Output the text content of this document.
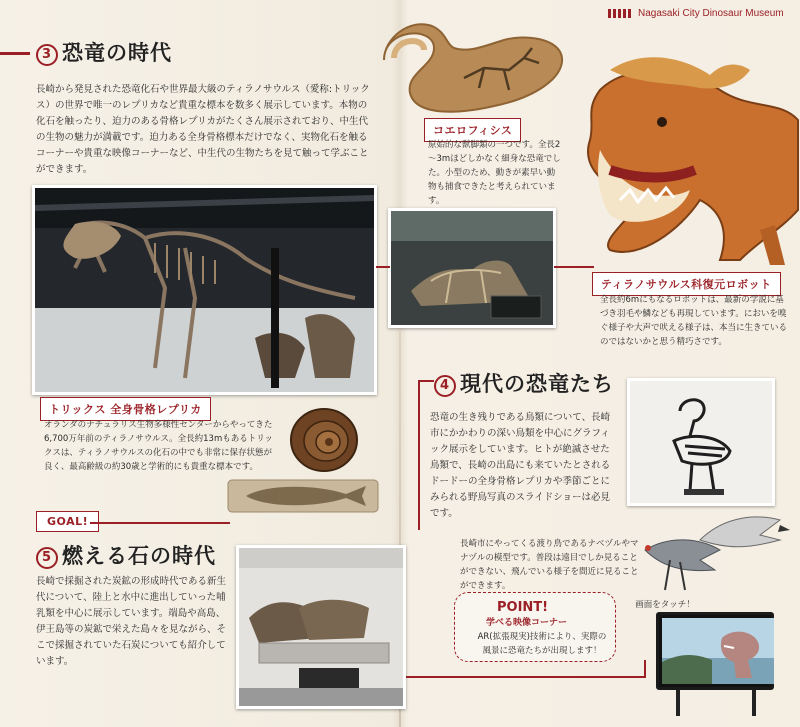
Nagasaki City Dinosaur Museum
3 恐竜の時代
長崎から発見された恐竜化石や世界最大級のティラノサウルス（愛称:トリックス）の世界で唯一のレプリカなど貴重な標本を数多く展示しています。本物の化石を触ったり、迫力のある骨格レプリカがたくさん展示されており、中生代の生物の魅力が満載です。迫力ある全身骨格標本だけでなく、実物化石を触るコーナーや貴重な映像コーナーなど、中生代の生物たちを見て触って学ぶことができます。
コエロフィシス
原始的な獣脚類の一つです。全長2～3mほどしかなく細身な恐竜でした。小型のため、動きが素早い動物も捕食できたと考えられています。
ティラノサウルス科復元ロボット
全長約6mにもなるロボットは、最新の学説に基づき羽毛や鱗なども再現しています。においを嗅ぐ様子や大声で吠える様子は、本当に生きているのではないかと思う精巧さです。
トリックス 全身骨格レプリカ
オランダのナチュラリス生物多様性センターからやってきた6,700万年前のティラノサウルス。全長約13mもあるトリックスは、ティラノサウルスの化石の中でも非常に保存状態が良く、最高齢級の約30歳と学術的にも貴重な標本です。
GOAL!
5 燃える石の時代
長崎で採掘された炭鉱の形成時代である新生代について、陸上と水中に進出していった哺乳類を中心に展示しています。端島や高島、伊王島等の炭鉱で栄えた島々を見ながら、そこで採掘されていた石炭についても紹介しています。
4 現代の恐竜たち
恐竜の生き残りである鳥類について、長崎市にかかわりの深い鳥類を中心にグラフィック展示をしています。ヒトが絶滅させた鳥類で、長崎の出島にも来ていたとされるドードーの全身骨格レプリカや季節ごとにみられる野鳥写真のスライドショーは必見です。
長崎市にやってくる渡り鳥であるナベヅルやマナヅルの模型です。普段は遠目でしか見ることができない、飛んでいる様子を間近に見ることができます。
POINT!
学べる映像コーナー
AR(拡張現実)技術により、実際の風景に恐竜たちが出現します！
画面をタッチ！
